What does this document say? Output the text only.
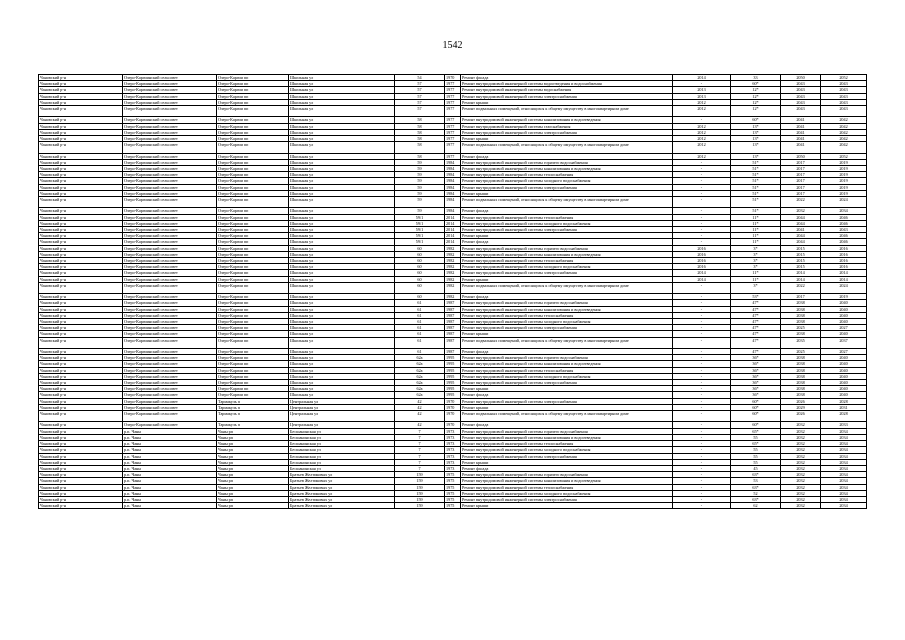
1542
Чановский р-н	Озеро-Карачинский сельсовет	Озеро-Карачи пп	Школьная ул	54	1970	Ремонт фасада	2014	33	2050	2052
Чановский р-н	Озеро-Карачинский сельсовет	Озеро-Карачи пп	Школьная ул	57	1977	Ремонт внутридомовой инженерной системы водоотведения и водоснабжения	-	60*	2043	2043
Чановский р-н	Озеро-Карачинский сельсовет	Озеро-Карачи пп	Школьная ул	57	1977	Ремонт внутридомовой инженерной системы водоснабжения	2013	12*	2043	2043
Чановский р-н	Озеро-Карачинский сельсовет	Озеро-Карачи пп	Школьная ул	57	1977	Ремонт внутридомовой инженерной системы электроснабжения	2013	12*	2043	2043
Чановский р-н	Озеро-Карачинский сельсовет	Озеро-Карачи пп	Школьная ул	57	1977	Ремонт крыши	2012	12*	2043	2043
Чановский р-н	Озеро-Карачинский сельсовет	Озеро-Карачи пп	Школьная ул	57	1977	Ремонт подвальных помещений, относящихся к общему имуществу в многоквартирном доме	2012	12*	2043	2043
Чановский р-н	Озеро-Карачинский сельсовет	Озеро-Карачи пп	Школьная ул	58	1977	Ремонт внутридомовой инженерной системы канализования и водоотведения	-	60*	2041	2042
Чановский р-н	Озеро-Карачинский сельсовет	Озеро-Карачи пп	Школьная ул	58	1977	Ремонт внутридомовой инженерной системы газоснабжения	2012	13*	2041	2042
Чановский р-н	Озеро-Карачинский сельсовет	Озеро-Карачи пп	Школьная ул	58	1977	Ремонт внутридомовой инженерной системы электроснабжения	2012	13*	2041	2042
Чановский р-н	Озеро-Карачинский сельсовет	Озеро-Карачи пп	Школьная ул	58	1977	Ремонт крыши	2012	13*	2041	2042
Чановский р-н	Озеро-Карачинский сельсовет	Озеро-Карачи пп	Школьная ул	58	1977	Ремонт подвальных помещений, относящихся к общему имуществу в многоквартирном доме	2012	13*	2041	2042
Чановский р-н	Озеро-Карачинский сельсовет	Озеро-Карачи пп	Школьная ул	58	1977	Ремонт фасада	2012	13*	2050	2052
Чановский р-н	Озеро-Карачинский сельсовет	Озеро-Карачи пп	Школьная ул	59	1984	Ремонт внутридомовой инженерной системы горячего водоснабжения	-	51*	2017	2019
Чановский р-н	Озеро-Карачинский сельсовет	Озеро-Карачи пп	Школьная ул	59	1984	Ремонт внутридомовой инженерной системы канализования и водоотведения	-	51*	2017	2019
Чановский р-н	Озеро-Карачинский сельсовет	Озеро-Карачи пп	Школьная ул	59	1984	Ремонт внутридомовой инженерной системы теплоснабжения	-	51*	2017	2019
Чановский р-н	Озеро-Карачинский сельсовет	Озеро-Карачи пп	Школьная ул	59	1984	Ремонт внутридомовой инженерной системы холодного водоснабжения	-	51*	2017	2019
Чановский р-н	Озеро-Карачинский сельсовет	Озеро-Карачи пп	Школьная ул	59	1984	Ремонт внутридомовой инженерной системы электроснабжения	-	51*	2017	2019
Чановский р-н	Озеро-Карачинский сельсовет	Озеро-Карачи пп	Школьная ул	59	1984	Ремонт крыши	-	51*	2017	2019
Чановский р-н	Озеро-Карачинский сельсовет	Озеро-Карачи пп	Школьная ул	59	1984	Ремонт подвальных помещений, относящихся к общему имуществу в многоквартирном доме	-	51*	2022	2024
Чановский р-н	Озеро-Карачинский сельсовет	Озеро-Карачи пп	Школьная ул	59	1984	Ремонт фасада	-	51*	2032	2034
Чановский р-н	Озеро-Карачинский сельсовет	Озеро-Карачи пп	Школьная ул	59/1	2014	Ремонт внутридомовой инженерной системы теплоснабжения	-	11*	2044	2046
Чановский р-н	Озеро-Карачинский сельсовет	Озеро-Карачи пп	Школьная ул	59/1	2014	Ремонт внутридомовой инженерной системы холодного водоснабжения	-	11*	2044	2046
Чановский р-н	Озеро-Карачинский сельсовет	Озеро-Карачи пп	Школьная ул	59/1	2014	Ремонт внутридомовой инженерной системы электроснабжения	-	11*	2041	2043
Чановский р-н	Озеро-Карачинский сельсовет	Озеро-Карачи пп	Школьная ул	59/1	2014	Ремонт крыши	-	11*	2044	2046
Чановский р-н	Озеро-Карачинский сельсовет	Озеро-Карачи пп	Школьная ул	59/1	2014	Ремонт фасада	-	11*	2044	2046
Чановский р-н	Озеро-Карачинский сельсовет	Озеро-Карачи пп	Школьная ул	60	1982	Ремонт внутридомовой инженерной системы горячего водоснабжения	2016	3*	2015	2016
Чановский р-н	Озеро-Карачинский сельсовет	Озеро-Карачи пп	Школьная ул	60	1982	Ремонт внутридомовой инженерной системы канализования и водоотведения	2016	3*	2015	2016
Чановский р-н	Озеро-Карачинский сельсовет	Озеро-Карачи пп	Школьная ул	60	1982	Ремонт внутридомовой инженерной системы теплоснабжения	2016	3*	2015	2016
Чановский р-н	Озеро-Карачинский сельсовет	Озеро-Карачи пп	Школьная ул	60	1982	Ремонт внутридомовой инженерной системы холодного водоснабжения	2016	3*	2015	2016
Чановский р-н	Озеро-Карачинский сельсовет	Озеро-Карачи пп	Школьная ул	60	1982	Ремонт внутридомовой инженерной системы электроснабжения	2014	11*	2014	2014
Чановский р-н	Озеро-Карачинский сельсовет	Озеро-Карачи пп	Школьная ул	60	1982	Ремонт крыши	2014	11*	2014	2014
Чановский р-н	Озеро-Карачинский сельсовет	Озеро-Карачи пп	Школьная ул	60	1982	Ремонт подвальных помещений, относящихся к общему имуществу в многоквартирном доме	-	3*	2022	2024
Чановский р-н	Озеро-Карачинский сельсовет	Озеро-Карачи пп	Школьная ул	60	1982	Ремонт фасада	-	53*	2017	2019
Чановский р-н	Озеро-Карачинский сельсовет	Озеро-Карачи пп	Школьная ул	61	1987	Ремонт внутридомовой инженерной системы горячего водоснабжения	-	47*	2038	2040
Чановский р-н	Озеро-Карачинский сельсовет	Озеро-Карачи пп	Школьная ул	61	1987	Ремонт внутридомовой инженерной системы канализования и водоотведения	-	47*	2038	2040
Чановский р-н	Озеро-Карачинский сельсовет	Озеро-Карачи пп	Школьная ул	61	1987	Ремонт внутридомовой инженерной системы теплоснабжения	-	47*	2038	2040
Чановский р-н	Озеро-Карачинский сельсовет	Озеро-Карачи пп	Школьная ул	61	1987	Ремонт внутридомовой инженерной системы холодного водоснабжения	-	47*	2038	2040
Чановский р-н	Озеро-Карачинский сельсовет	Озеро-Карачи пп	Школьная ул	61	1987	Ремонт внутридомовой инженерной системы электроснабжения	-	47*	2025	2027
Чановский р-н	Озеро-Карачинский сельсовет	Озеро-Карачи пп	Школьная ул	61	1987	Ремонт крыши	-	47*	2038	2040
Чановский р-н	Озеро-Карачинский сельсовет	Озеро-Карачи пп	Школьная ул	61	1987	Ремонт подвальных помещений, относящихся к общему имуществу в многоквартирном доме	-	47*	2035	2037
Чановский р-н	Озеро-Карачинский сельсовет	Озеро-Карачи пп	Школьная ул	61	1987	Ремонт фасада	-	47*	2025	2027
Чановский р-н	Озеро-Карачинский сельсовет	Озеро-Карачи пп	Школьная ул	62а	1995	Ремонт внутридомовой инженерной системы горячего водоснабжения	-	36*	2038	2040
Чановский р-н	Озеро-Карачинский сельсовет	Озеро-Карачи пп	Школьная ул	62а	1995	Ремонт внутридомовой инженерной системы канализования и водоотведения	-	36*	2038	2040
Чановский р-н	Озеро-Карачинский сельсовет	Озеро-Карачи пп	Школьная ул	62а	1995	Ремонт внутридомовой инженерной системы теплоснабжения	-	36*	2038	2040
Чановский р-н	Озеро-Карачинский сельсовет	Озеро-Карачи пп	Школьная ул	62а	1995	Ремонт внутридомовой инженерной системы холодного водоснабжения	-	36*	2038	2040
Чановский р-н	Озеро-Карачинский сельсовет	Озеро-Карачи пп	Школьная ул	62а	1995	Ремонт внутридомовой инженерной системы электроснабжения	-	36*	2038	2040
Чановский р-н	Озеро-Карачинский сельсовет	Озеро-Карачи пп	Школьная ул	62а	1995	Ремонт крыши	-	36*	2038	2040
Чановский р-н	Озеро-Карачинский сельсовет	Озеро-Карачи пп	Школьная ул	62а	1995	Ремонт фасада	-	36*	2038	2040
Чановский р-н	Озеро-Карачинский сельсовет	Тармакуль п	Центральная ул	42	1970	Ремонт внутридомовой инженерной системы электроснабжения	-	60*	2026	2028
Чановский р-н	Озеро-Карачинский сельсовет	Тармакуль п	Центральная ул	42	1970	Ремонт крыши	-	60*	2029	2031
Чановский р-н	Озеро-Карачинский сельсовет	Тармакуль п	Центральная ул	42	1970	Ремонт подвальных помещений, относящихся к общему имуществу в многоквартирном доме	-	60*	2026	2028
Чановский р-н	Озеро-Карачинский сельсовет	Тармакуль п	Центральная ул	42	1970	Ремонт фасада	-	60*	2032	2033
Чановский р-н	р.п. Чаны	Чаны рп	Бесшанинская ул	7	1973	Ремонт внутридомовой инженерной системы горячего водоснабжения	-	65*	2032	2034
Чановский р-н	р.п. Чаны	Чаны рп	Бесшанинская ул	7	1973	Ремонт внутридомовой инженерной системы канализования и водоотведения	-	55	2032	2034
Чановский р-н	р.п. Чаны	Чаны рп	Бесшанинская ул	7	1973	Ремонт внутридомовой инженерной системы теплоснабжения	-	65*	2032	2034
Чановский р-н	р.п. Чаны	Чаны рп	Бесшанинская ул	7	1973	Ремонт внутридомовой инженерной системы холодного водоснабжения	-	55	2032	2034
Чановский р-н	р.п. Чаны	Чаны рп	Бесшанинская ул	7	1973	Ремонт внутридомовой инженерной системы электроснабжения	-	55	2032	2034
Чановский р-н	р.п. Чаны	Чаны рп	Бесшанинская ул	7	1973	Ремонт крыши	-	55	2032	2034
Чановский р-н	р.п. Чаны	Чаны рп	Бесшанинская ул	7	1973	Ремонт фасада	-	45	2032	2034
Чановский р-н	р.п. Чаны	Чаны рп	Братьев Желтиковых ул	159	1975	Ремонт внутридомовой инженерной системы горячего водоснабжения	-	63*	2032	2034
Чановский р-н	р.п. Чаны	Чаны рп	Братьев Желтиковых ул	159	1975	Ремонт внутридомовой инженерной системы канализования и водоотведения	-	53	2032	2034
Чановский р-н	р.п. Чаны	Чаны рп	Братьев Желтиковых ул	159	1975	Ремонт внутридомовой инженерной системы теплоснабжения	-	63*	2032	2034
Чановский р-н	р.п. Чаны	Чаны рп	Братьев Желтиковых ул	159	1975	Ремонт внутридомовой инженерной системы холодного водоснабжения	-	52	2032	2034
Чановский р-н	р.п. Чаны	Чаны рп	Братьев Желтиковых ул	159	1975	Ремонт внутридомовой инженерной системы электроснабжения	-	63*	2032	2034
Чановский р-н	р.п. Чаны	Чаны рп	Братьев Желтиковых ул	159	1975	Ремонт крыши	-	62	2032	2034
